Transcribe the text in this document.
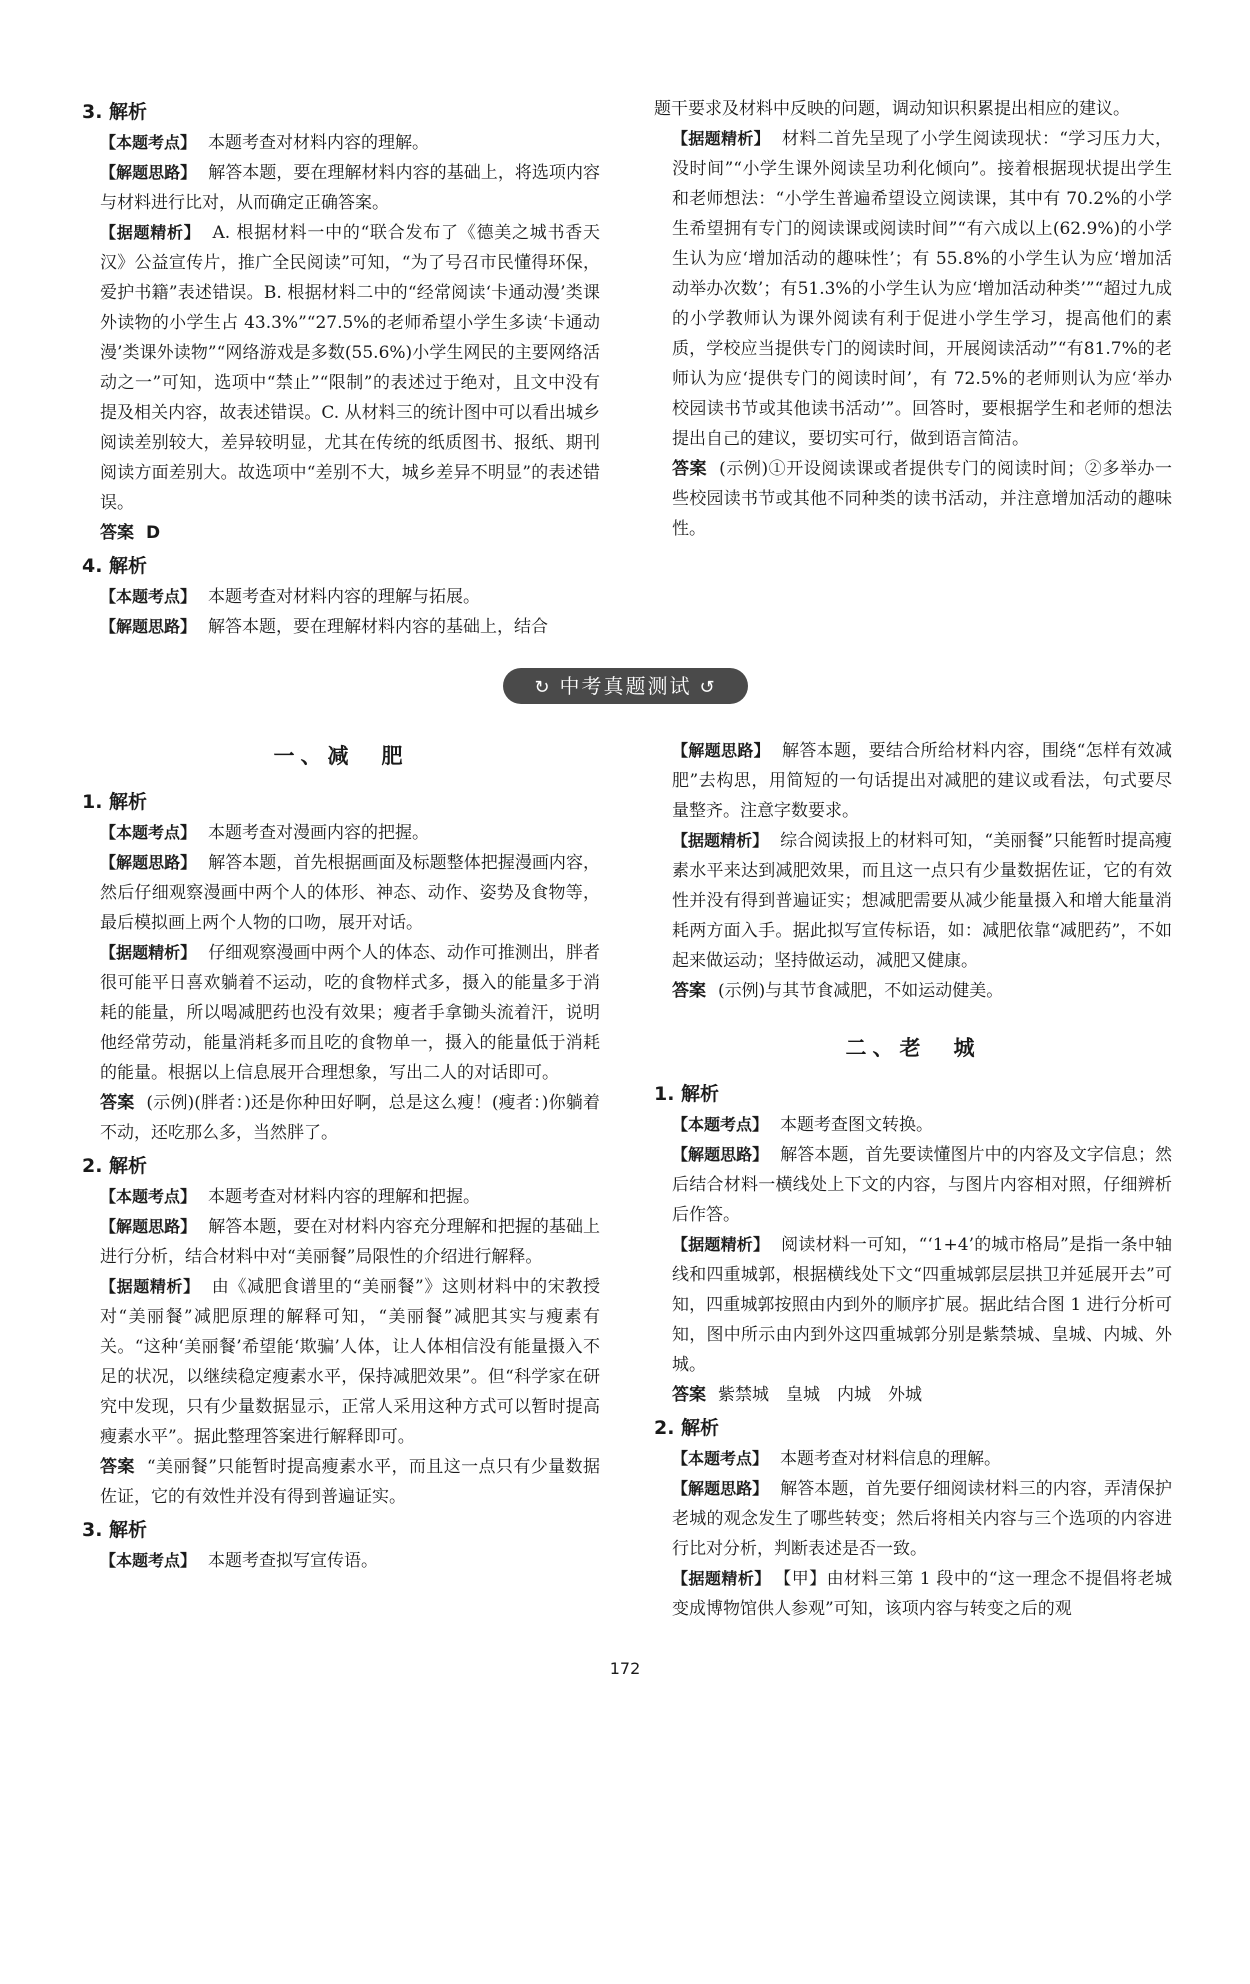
3. 解析

【本题考点】 本题考查对材料内容的理解。

【解题思路】 解答本题，要在理解材料内容的基础上，将选项内容与材料进行比对，从而确定正确答案。

【据题精析】 A. 根据材料一中的“联合发布了《德美之城书香天汉》公益宣传片，推广全民阅读”可知，“为了号召市民懂得环保，爱护书籍”表述错误。B. 根据材料二中的“经常阅读‘卡通动漫’类课外读物的小学生占 43.3%”“27.5%的老师希望小学生多读‘卡通动漫’类课外读物”“网络游戏是多数(55.6%)小学生网民的主要网络活动之一”可知，选项中“禁止”“限制”的表述过于绝对，且文中没有提及相关内容，故表述错误。C. 从材料三的统计图中可以看出城乡阅读差别较大，差异较明显，尤其在传统的纸质图书、报纸、期刊阅读方面差别大。故选项中“差别不大，城乡差异不明显”的表述错误。

答案 D

4. 解析

【本题考点】 本题考查对材料内容的理解与拓展。

【解题思路】 解答本题，要在理解材料内容的基础上，结合

题干要求及材料中反映的问题，调动知识积累提出相应的建议。

【据题精析】 材料二首先呈现了小学生阅读现状：“学习压力大，没时间”“小学生课外阅读呈功利化倾向”。接着根据现状提出学生和老师想法：“小学生普遍希望设立阅读课，其中有 70.2%的小学生希望拥有专门的阅读课或阅读时间”“有六成以上(62.9%)的小学生认为应‘增加活动的趣味性’；有 55.8%的小学生认为应‘增加活动举办次数’；有51.3%的小学生认为应‘增加活动种类’”“超过九成的小学教师认为课外阅读有利于促进小学生学习，提高他们的素质，学校应当提供专门的阅读时间，开展阅读活动”“有81.7%的老师认为应‘提供专门的阅读时间’，有 72.5%的老师则认为应‘举办校园读书节或其他读书活动’”。回答时，要根据学生和老师的想法提出自己的建议，要切实可行，做到语言简洁。

答案 (示例)①开设阅读课或者提供专门的阅读时间；②多举办一些校园读书节或其他不同种类的读书活动，并注意增加活动的趣味性。

↻ 中考真题测试 ↺
一、减　肥
1. 解析

【本题考点】 本题考查对漫画内容的把握。

【解题思路】 解答本题，首先根据画面及标题整体把握漫画内容，然后仔细观察漫画中两个人的体形、神态、动作、姿势及食物等，最后模拟画上两个人物的口吻，展开对话。

【据题精析】 仔细观察漫画中两个人的体态、动作可推测出，胖者很可能平日喜欢躺着不运动，吃的食物样式多，摄入的能量多于消耗的能量，所以喝减肥药也没有效果；瘦者手拿锄头流着汗，说明他经常劳动，能量消耗多而且吃的食物单一，摄入的能量低于消耗的能量。根据以上信息展开合理想象，写出二人的对话即可。

答案 (示例)(胖者：)还是你种田好啊，总是这么瘦！(瘦者：)你躺着不动，还吃那么多，当然胖了。

2. 解析

【本题考点】 本题考查对材料内容的理解和把握。

【解题思路】 解答本题，要在对材料内容充分理解和把握的基础上进行分析，结合材料中对“美丽餐”局限性的介绍进行解释。

【据题精析】 由《减肥食谱里的“美丽餐”》这则材料中的宋教授对“美丽餐”减肥原理的解释可知，“美丽餐”减肥其实与瘦素有关。“这种‘美丽餐’希望能‘欺骗’人体，让人体相信没有能量摄入不足的状况，以继续稳定瘦素水平，保持减肥效果”。但“科学家在研究中发现，只有少量数据显示，正常人采用这种方式可以暂时提高瘦素水平”。据此整理答案进行解释即可。

答案 “美丽餐”只能暂时提高瘦素水平，而且这一点只有少量数据佐证，它的有效性并没有得到普遍证实。

3. 解析

【本题考点】 本题考查拟写宣传语。

【解题思路】 解答本题，要结合所给材料内容，围绕“怎样有效减肥”去构思，用简短的一句话提出对减肥的建议或看法，句式要尽量整齐。注意字数要求。

【据题精析】 综合阅读报上的材料可知，“美丽餐”只能暂时提高瘦素水平来达到减肥效果，而且这一点只有少量数据佐证，它的有效性并没有得到普遍证实；想减肥需要从减少能量摄入和增大能量消耗两方面入手。据此拟写宣传标语，如：减肥依靠“减肥药”，不如起来做运动；坚持做运动，减肥又健康。

答案 (示例)与其节食减肥，不如运动健美。

二、老　城
1. 解析

【本题考点】 本题考查图文转换。

【解题思路】 解答本题，首先要读懂图片中的内容及文字信息；然后结合材料一横线处上下文的内容，与图片内容相对照，仔细辨析后作答。

【据题精析】 阅读材料一可知，“‘1+4’的城市格局”是指一条中轴线和四重城郭，根据横线处下文“四重城郭层层拱卫并延展开去”可知，四重城郭按照由内到外的顺序扩展。据此结合图 1 进行分析可知，图中所示由内到外这四重城郭分别是紫禁城、皇城、内城、外城。

答案 紫禁城　皇城　内城　外城

2. 解析

【本题考点】 本题考查对材料信息的理解。

【解题思路】 解答本题，首先要仔细阅读材料三的内容，弄清保护老城的观念发生了哪些转变；然后将相关内容与三个选项的内容进行比对分析，判断表述是否一致。

【据题精析】 【甲】由材料三第 1 段中的“这一理念不提倡将老城变成博物馆供人参观”可知，该项内容与转变之后的观

172
